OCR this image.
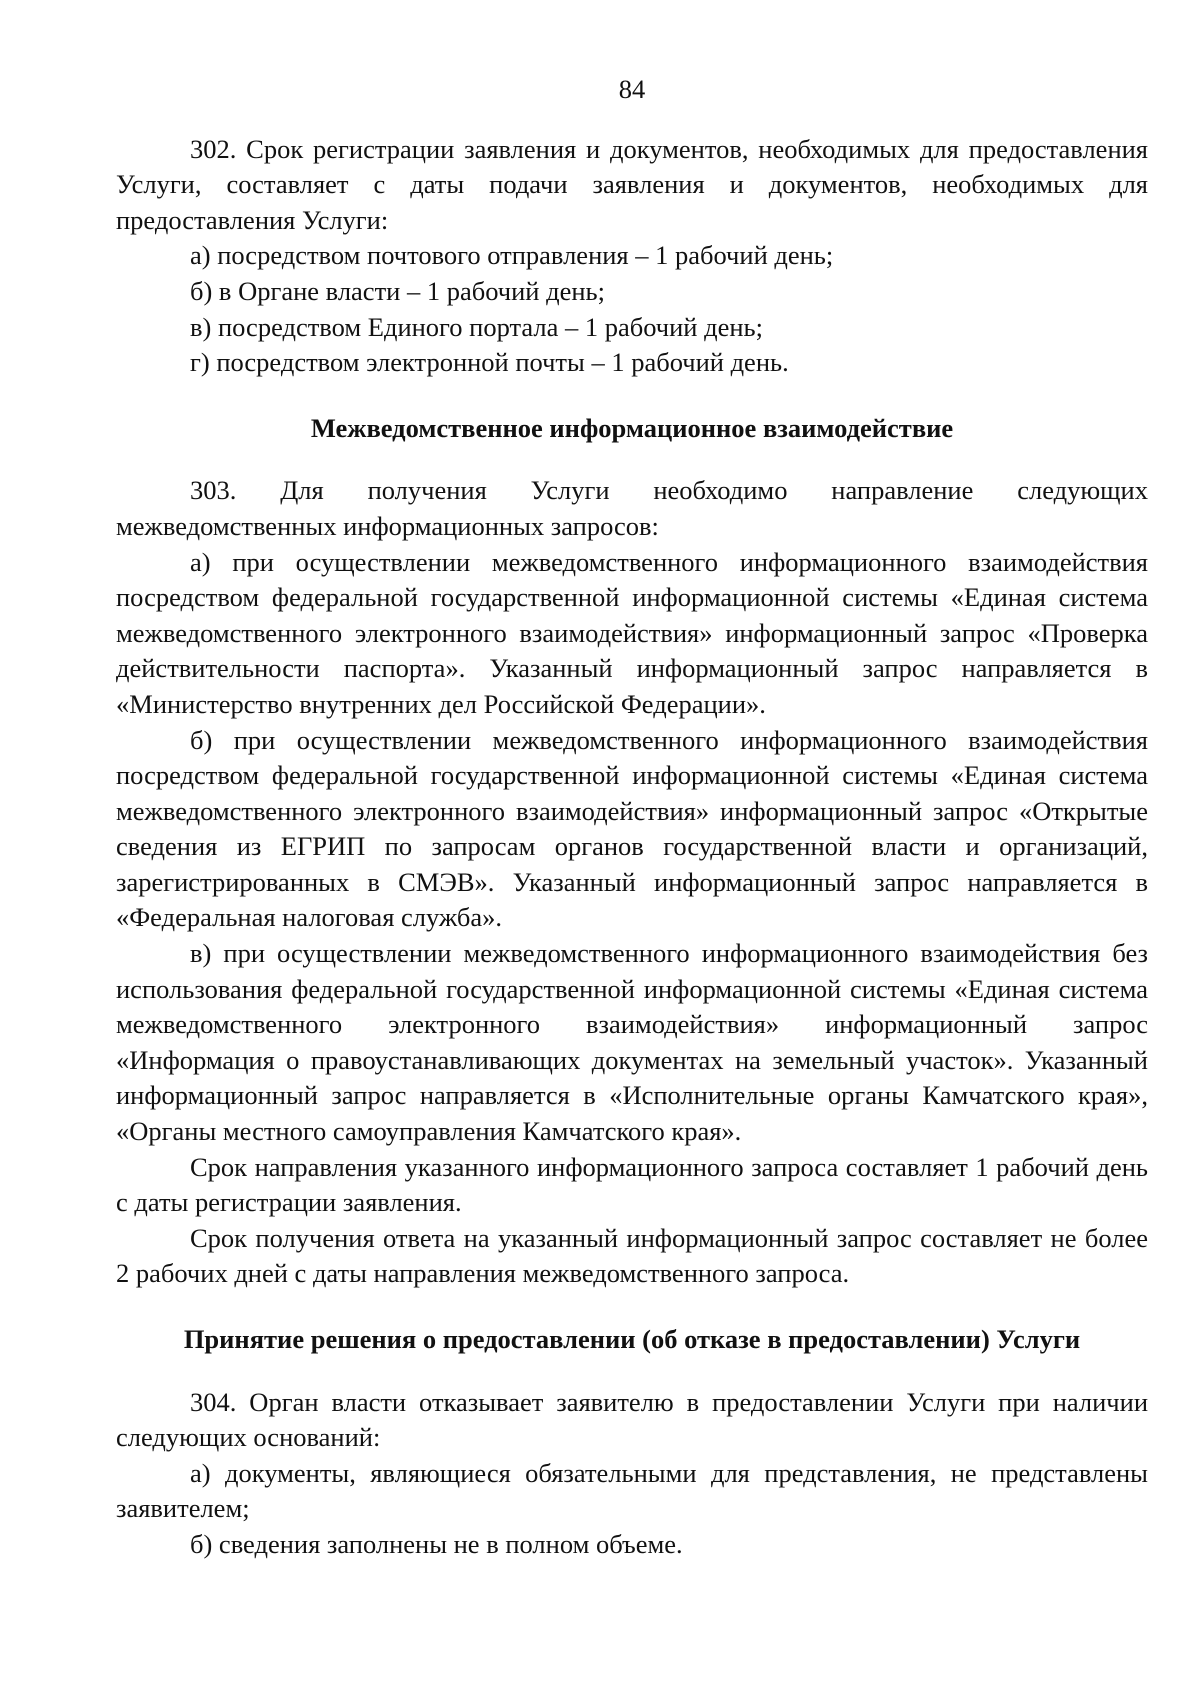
84

302. Срок регистрации заявления и документов, необходимых для предоставления Услуги, составляет с даты подачи заявления и документов, необходимых для предоставления Услуги:

а) посредством почтового отправления – 1 рабочий день;

б) в Органе власти – 1 рабочий день;

в) посредством Единого портала – 1 рабочий день;

г) посредством электронной почты – 1 рабочий день.

Межведомственное информационное взаимодействие

303. Для получения Услуги необходимо направление следующих межведомственных информационных запросов:

а) при осуществлении межведомственного информационного взаимодействия посредством федеральной государственной информационной системы «Единая система межведомственного электронного взаимодействия» информационный запрос «Проверка действительности паспорта». Указанный информационный запрос направляется в «Министерство внутренних дел Российской Федерации».

б) при осуществлении межведомственного информационного взаимодействия посредством федеральной государственной информационной системы «Единая система межведомственного электронного взаимодействия» информационный запрос «Открытые сведения из ЕГРИП по запросам органов государственной власти и организаций, зарегистрированных в СМЭВ». Указанный информационный запрос направляется в «Федеральная налоговая служба».

в) при осуществлении межведомственного информационного взаимодействия без использования федеральной государственной информационной системы «Единая система межведомственного электронного взаимодействия» информационный запрос «Информация о правоустанавливающих документах на земельный участок». Указанный информационный запрос направляется в «Исполнительные органы Камчатского края», «Органы местного самоуправления Камчатского края».

Срок направления указанного информационного запроса составляет 1 рабочий день с даты регистрации заявления.

Срок получения ответа на указанный информационный запрос составляет не более 2 рабочих дней с даты направления межведомственного запроса.

Принятие решения о предоставлении (об отказе в предоставлении) Услуги

304. Орган власти отказывает заявителю в предоставлении Услуги при наличии следующих оснований:

а) документы, являющиеся обязательными для представления, не представлены заявителем;

б) сведения заполнены не в полном объеме.
